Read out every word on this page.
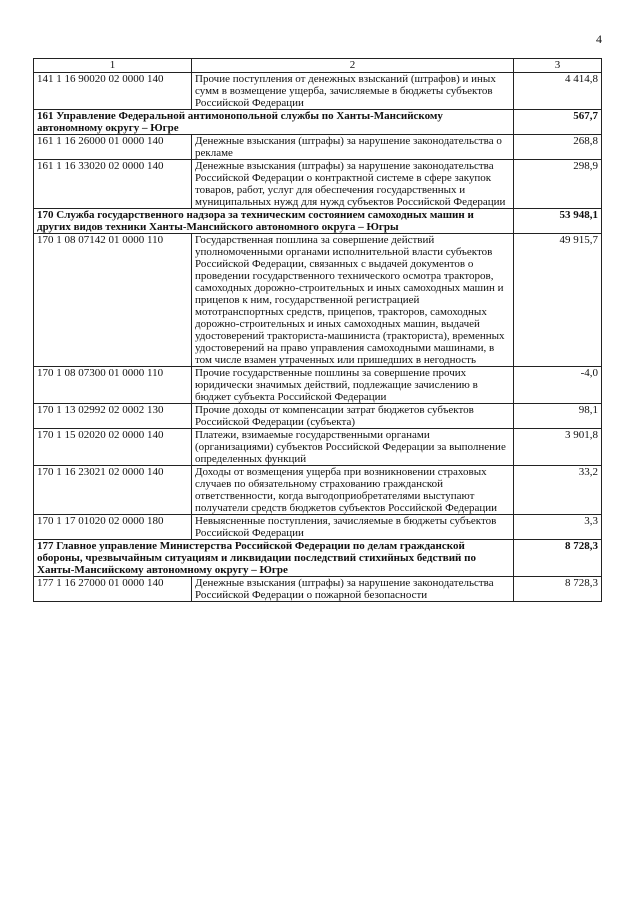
4
1	2	3
141 1 16 90020 02 0000 140	Прочие поступления от денежных взысканий (штрафов) и иных сумм в возмещение ущерба, зачисляемые в бюджеты субъектов Российской Федерации	4 414,8
161 Управление Федеральной антимонопольной службы по Ханты-Мансийскому автономному округу – Югре		567,7
161 1 16 26000 01 0000 140	Денежные взыскания (штрафы) за нарушение законодательства о рекламе	268,8
161 1 16 33020 02 0000 140	Денежные взыскания (штрафы) за нарушение законодательства Российской Федерации о контрактной системе в сфере закупок товаров, работ, услуг для обеспечения государственных и муниципальных нужд для нужд субъектов Российской Федерации	298,9
170 Служба государственного надзора за техническим состоянием самоходных машин и других видов техники Ханты-Мансийского автономного округа – Югры		53 948,1
170 1 08 07142 01 0000 110	Государственная пошлина за совершение действий уполномоченными органами исполнительной власти субъектов Российской Федерации, связанных с выдачей документов о проведении государственного технического осмотра тракторов, самоходных дорожно-строительных и иных самоходных машин и прицепов к ним, государственной регистрацией мототранспортных средств, прицепов, тракторов, самоходных дорожно-строительных и иных самоходных машин, выдачей удостоверений тракториста-машиниста (тракториста), временных удостоверений на право управления самоходными машинами, в том числе взамен утраченных или пришедших в негодность	49 915,7
170 1 08 07300 01 0000 110	Прочие государственные пошлины за совершение прочих юридически значимых действий, подлежащие зачислению в бюджет субъекта Российской Федерации	-4,0
170 1 13 02992 02 0002 130	Прочие доходы от компенсации затрат бюджетов субъектов Российской Федерации (субъекта)	98,1
170 1 15 02020 02 0000 140	Платежи, взимаемые государственными органами (организациями) субъектов Российской Федерации за выполнение определенных функций	3 901,8
170 1 16 23021 02 0000 140	Доходы от возмещения ущерба при возникновении страховых случаев по обязательному страхованию гражданской ответственности, когда выгодоприобретателями выступают получатели средств бюджетов субъектов Российской Федерации	33,2
170 1 17 01020 02 0000 180	Невыясненные поступления, зачисляемые в бюджеты субъектов Российской Федерации	3,3
177 Главное управление Министерства Российской Федерации по делам гражданской обороны, чрезвычайным ситуациям и ликвидации последствий стихийных бедствий по Ханты-Мансийскому автономному округу – Югре		8 728,3
177 1 16 27000 01 0000 140	Денежные взыскания (штрафы) за нарушение законодательства Российской Федерации о пожарной безопасности	8 728,3
